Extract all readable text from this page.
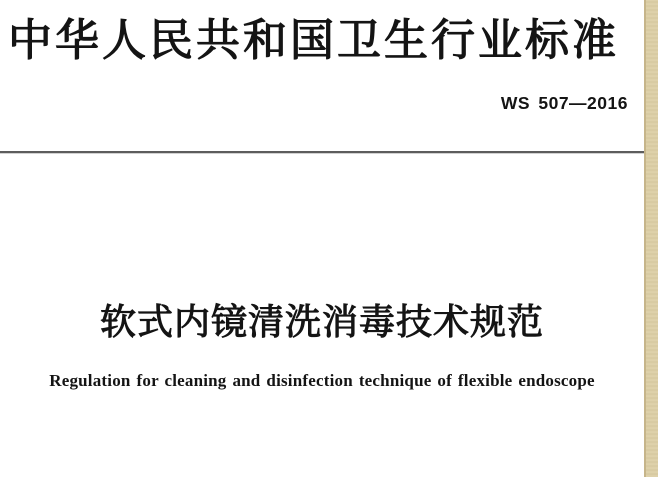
中华人民共和国卫生行业标准
WS 507—2016
软式内镜清洗消毒技术规范
Regulation for cleaning and disinfection technique of flexible endoscope
